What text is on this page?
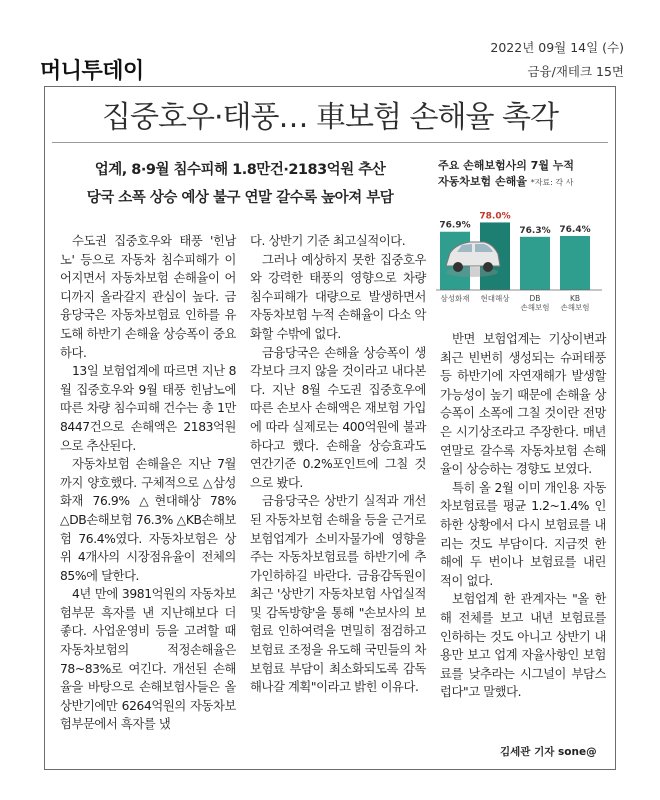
2022년 09월 14일 (수)
머니투데이	금융/재테크 15면
집중호우·태풍… 車보험 손해율 촉각
업계, 8·9월 침수피해 1.8만건·2183억원 추산
당국 소폭 상승 예상 불구 연말 갈수록 높아져 부담

수도권 집중호우와 태풍 '힌남노' 등으로 자동차 침수피해가 이어지면서 자동차보험 손해율이 어디까지 올라갈지 관심이 높다. 금융당국은 자동차보험료 인하를 유도해 하반기 손해율 상승폭이 중요하다.

13일 보험업계에 따르면 지난 8월 집중호우와 9월 태풍 힌남노에 따른 차량 침수피해 건수는 총 1만8447건으로 손해액은 2183억원으로 추산된다.

자동차보험 손해율은 지난 7월까지 양호했다. 구체적으로 △삼성화재 76.9% △현대해상 78% △DB손해보험 76.3% △KB손해보험 76.4%였다. 자동차보험은 상위 4개사의 시장점유율이 전체의 85%에 달한다.

4년 만에 3981억원의 자동차보험부문 흑자를 낸 지난해보다 더 좋다. 사업운영비 등을 고려할 때 자동차보험의 적정손해율은 78~83%로 여긴다. 개선된 손해율을 바탕으로 손해보험사들은 올 상반기에만 6264억원의 자동차보험부문에서 흑자를 냈

다. 상반기 기준 최고실적이다.

그러나 예상하지 못한 집중호우와 강력한 태풍의 영향으로 차량 침수피해가 대량으로 발생하면서 자동차보험 누적 손해율이 다소 악화할 수밖에 없다.

금융당국은 손해율 상승폭이 생각보다 크지 않을 것이라고 내다본다. 지난 8월 수도권 집중호우에 따른 손보사 손해액은 재보험 가입에 따라 실제로는 400억원에 불과하다고 했다. 손해율 상승효과도 연간기준 0.2%포인트에 그칠 것으로 봤다.

금융당국은 상반기 실적과 개선된 자동차보험 손해율 등을 근거로 보험업계가 소비자물가에 영향을 주는 자동차보험료를 하반기에 추가인하하길 바란다. 금융감독원이 최근 '상반기 자동차보험 사업실적 및 감독방향'을 통해 "손보사의 보험료 인하여력을 면밀히 점검하고 보험료 조정을 유도해 국민들의 차보험료 부담이 최소화되도록 감독해나갈 계획"이라고 밝힌 이유다.

주요 손해보험사의 7월 누적
자동차보험 손해율 *자료: 각 사
76.9%
삼성화재
78.0%
현대해상
76.3%
DB
손해보험
76.4%
KB
손해보험

반면 보험업계는 기상이변과 최근 빈번히 생성되는 슈퍼태풍 등 하반기에 자연재해가 발생할 가능성이 높기 때문에 손해율 상승폭이 소폭에 그칠 것이란 전망은 시기상조라고 주장한다. 매년 연말로 갈수록 자동차보험 손해율이 상승하는 경향도 보였다.

특히 올 2월 이미 개인용 자동차보험료를 평균 1.2~1.4% 인하한 상황에서 다시 보험료를 내리는 것도 부담이다. 지금껏 한 해에 두 번이나 보험료를 내린 적이 없다.

보험업계 한 관계자는 "올 한해 전체를 보고 내년 보험료를 인하하는 것도 아니고 상반기 내용만 보고 업계 자율사항인 보험료를 낮추라는 시그널이 부담스럽다"고 말했다.

김세관 기자 sone@
